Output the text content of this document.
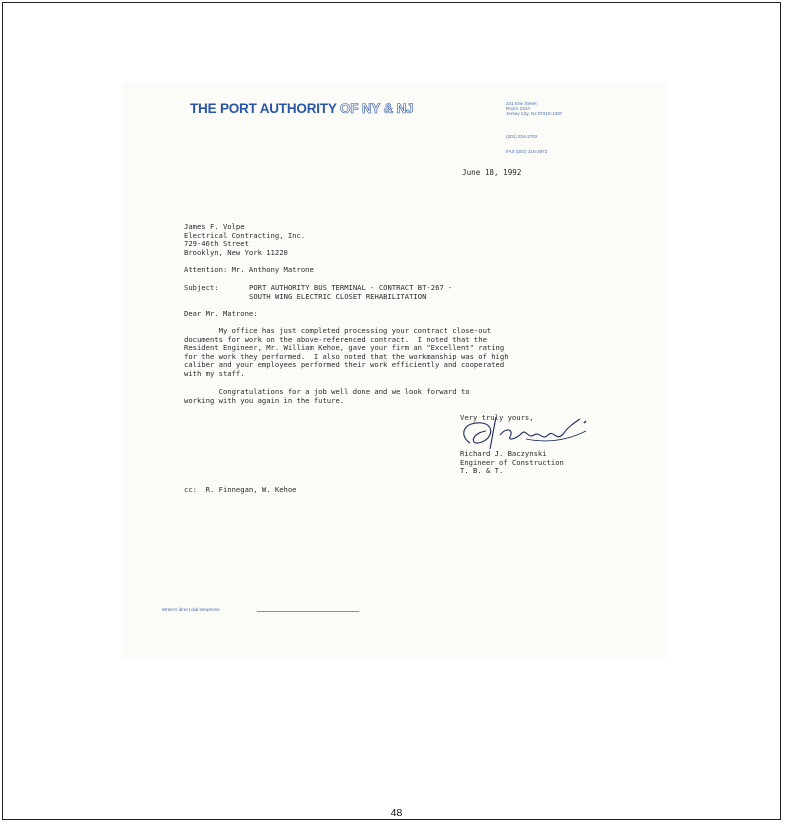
THE PORT AUTHORITY OF NY & NJ	241 Erie Street
Room 234A
Jersey City, NJ 07310-1397
(201) 216-2702
FAX (201) 216-2972
June 18, 1992
James F. Volpe
Electrical Contracting, Inc.
729-46th Street
Brooklyn, New York 11220
Attention: Mr. Anthony Matrone
Subject:	PORT AUTHORITY BUS TERMINAL - CONTRACT BT-267 -
SOUTH WING ELECTRIC CLOSET REHABILITATION
Dear Mr. Matrone:
My office has just completed processing your contract close-out
documents for work on the above-referenced contract.  I noted that the
Resident Engineer, Mr. William Kehoe, gave your firm an "Excellent" rating
for the work they performed.  I also noted that the workmanship was of high
caliber and your employees performed their work efficiently and cooperated
with my staff.
Congratulations for a job well done and we look forward to
working with you again in the future.
Very truly yours,
Richard J. Baczynski
Engineer of Construction
T. B. & T.
cc:  R. Finnegan, W. Kehoe
Writer's direct dial telephone
48
